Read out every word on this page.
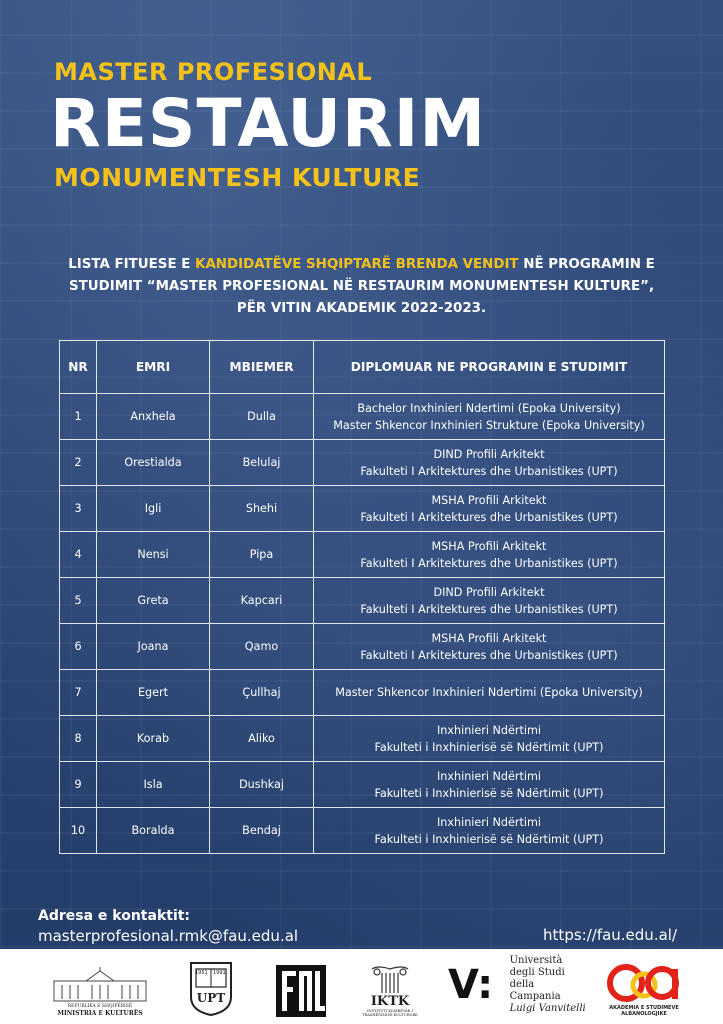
MASTER PROFESIONAL
RESTAURIM
MONUMENTESH KULTURE
LISTA FITUESE E KANDIDATËVE SHQIPTARË BRENDA VENDIT NË PROGRAMIN E STUDIMIT “MASTER PROFESIONAL NË RESTAURIM MONUMENTESH KULTURE”, PËR VITIN AKADEMIK 2022-2023.
NR	EMRI	MBIEMER	DIPLOMUAR NE PROGRAMIN E STUDIMIT
1	Anxhela	Dulla	Bachelor Inxhinieri Ndertimi (Epoka University)
Master Shkencor Inxhinieri Strukture (Epoka University)

2	Orestialda	Belulaj	DIND Profili Arkitekt
Fakulteti I Arkitektures dhe Urbanistikes (UPT)

3	Igli	Shehi	MSHA Profili Arkitekt
Fakulteti I Arkitektures dhe Urbanistikes (UPT)

4	Nensi	Pipa	MSHA Profili Arkitekt
Fakulteti I Arkitektures dhe Urbanistikes (UPT)

5	Greta	Kapcari	DIND Profili Arkitekt
Fakulteti I Arkitektures dhe Urbanistikes (UPT)

6	Joana	Qamo	MSHA Profili Arkitekt
Fakulteti I Arkitektures dhe Urbanistikes (UPT)

7	Egert	Çullhaj	Master Shkencor Inxhinieri Ndertimi (Epoka University)

8	Korab	Aliko	Inxhinieri Ndërtimi
Fakulteti i Inxhinierisë së Ndërtimit (UPT)

9	Isla	Dushkaj	Inxhinieri Ndërtimi
Fakulteti i Inxhinierisë së Ndërtimit (UPT)

10	Boralda	Bendaj	Inxhinieri Ndërtimi
Fakulteti i Inxhinierisë së Ndërtimit (UPT)
Adresa e kontaktit:
masterprofesional.rmk@fau.edu.al	https://fau.edu.al/
REPUBLIKA E SHQIPËRISË
MINISTRIA E KULTURËS
1951 1991
UPT	IKTK
INSTITUTI KOMBËTAR I TRASHËGIMISË KULTURORE
V:
Università
degli Studi
della Campania
Luigi Vanvitelli	AKADEMIA E STUDIMEVE
ALBANOLOGJIKE
